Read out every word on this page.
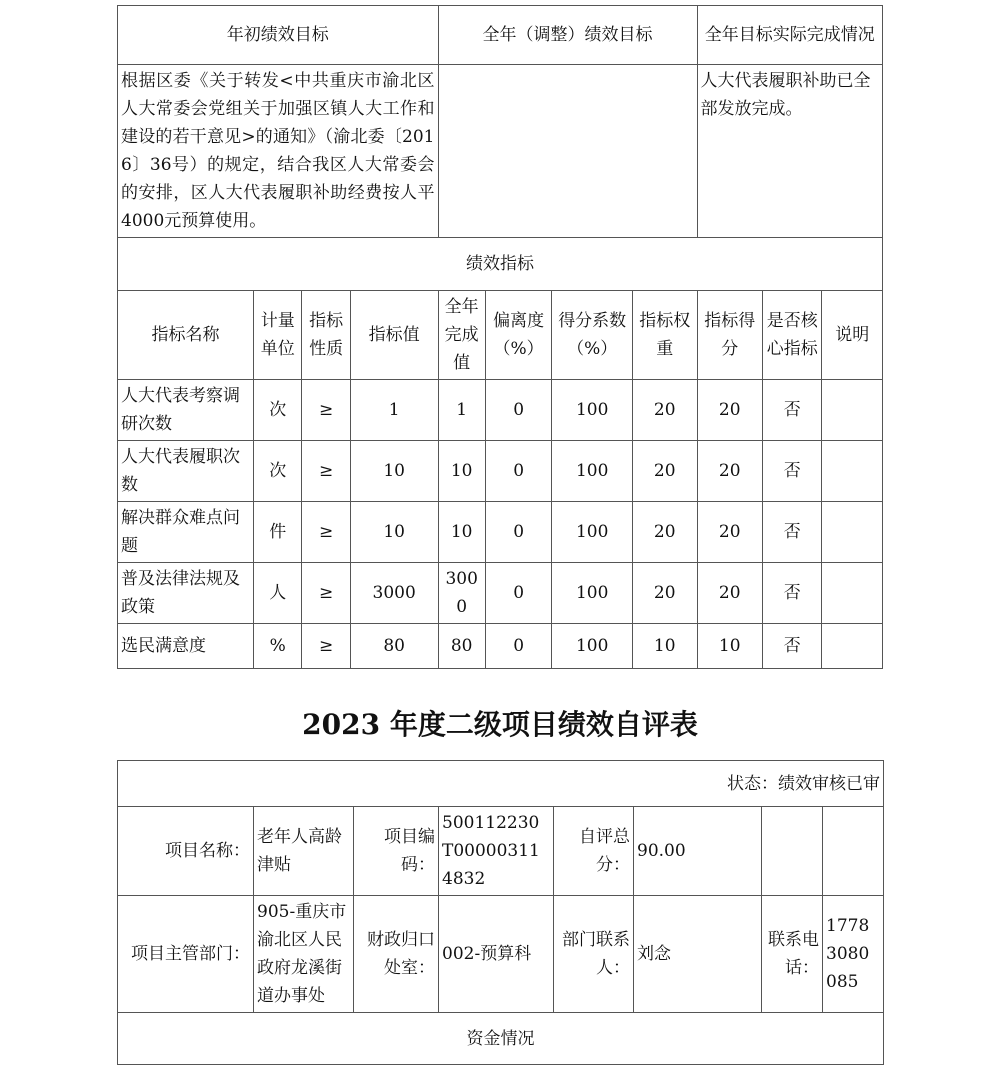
年初绩效目标				全年（调整）绩效目标				全年目标实际完成情况		
根据区委《关于转发<中共重庆市渝北区人大常委会党组关于加强区镇人大工作和建设的若干意见>的通知》（渝北委〔2016〕36号）的规定，结合我区人大常委会的安排，区人大代表履职补助经费按人平4000元预算使用。								人大代表履职补助已全部发放完成。		
绩效指标										
指标名称	计量单位	指标性质	指标值	全年完成值	偏离度（%）	得分系数（%）	指标权重	指标得分	是否核心指标	说明
人大代表考察调研次数	次	≥	1	1	0	100	20	20	否	
人大代表履职次数	次	≥	10	10	0	100	20	20	否	
解决群众难点问题	件	≥	10	10	0	100	20	20	否	
普及法律法规及政策	人	≥	3000	3000	0	100	20	20	否	
选民满意度	%	≥	80	80	0	100	10	10	否	
2023 年度二级项目绩效自评表
状态：绩效审核已审							
项目名称：	老年人高龄津贴	项目编码：	500112230T000003114832	自评总分：	90.00		
项目主管部门：	905-重庆市渝北区人民政府龙溪街道办事处	财政归口处室：	002-预算科	部门联系人：	刘念	联系电话：	17783080085
资金情况							
